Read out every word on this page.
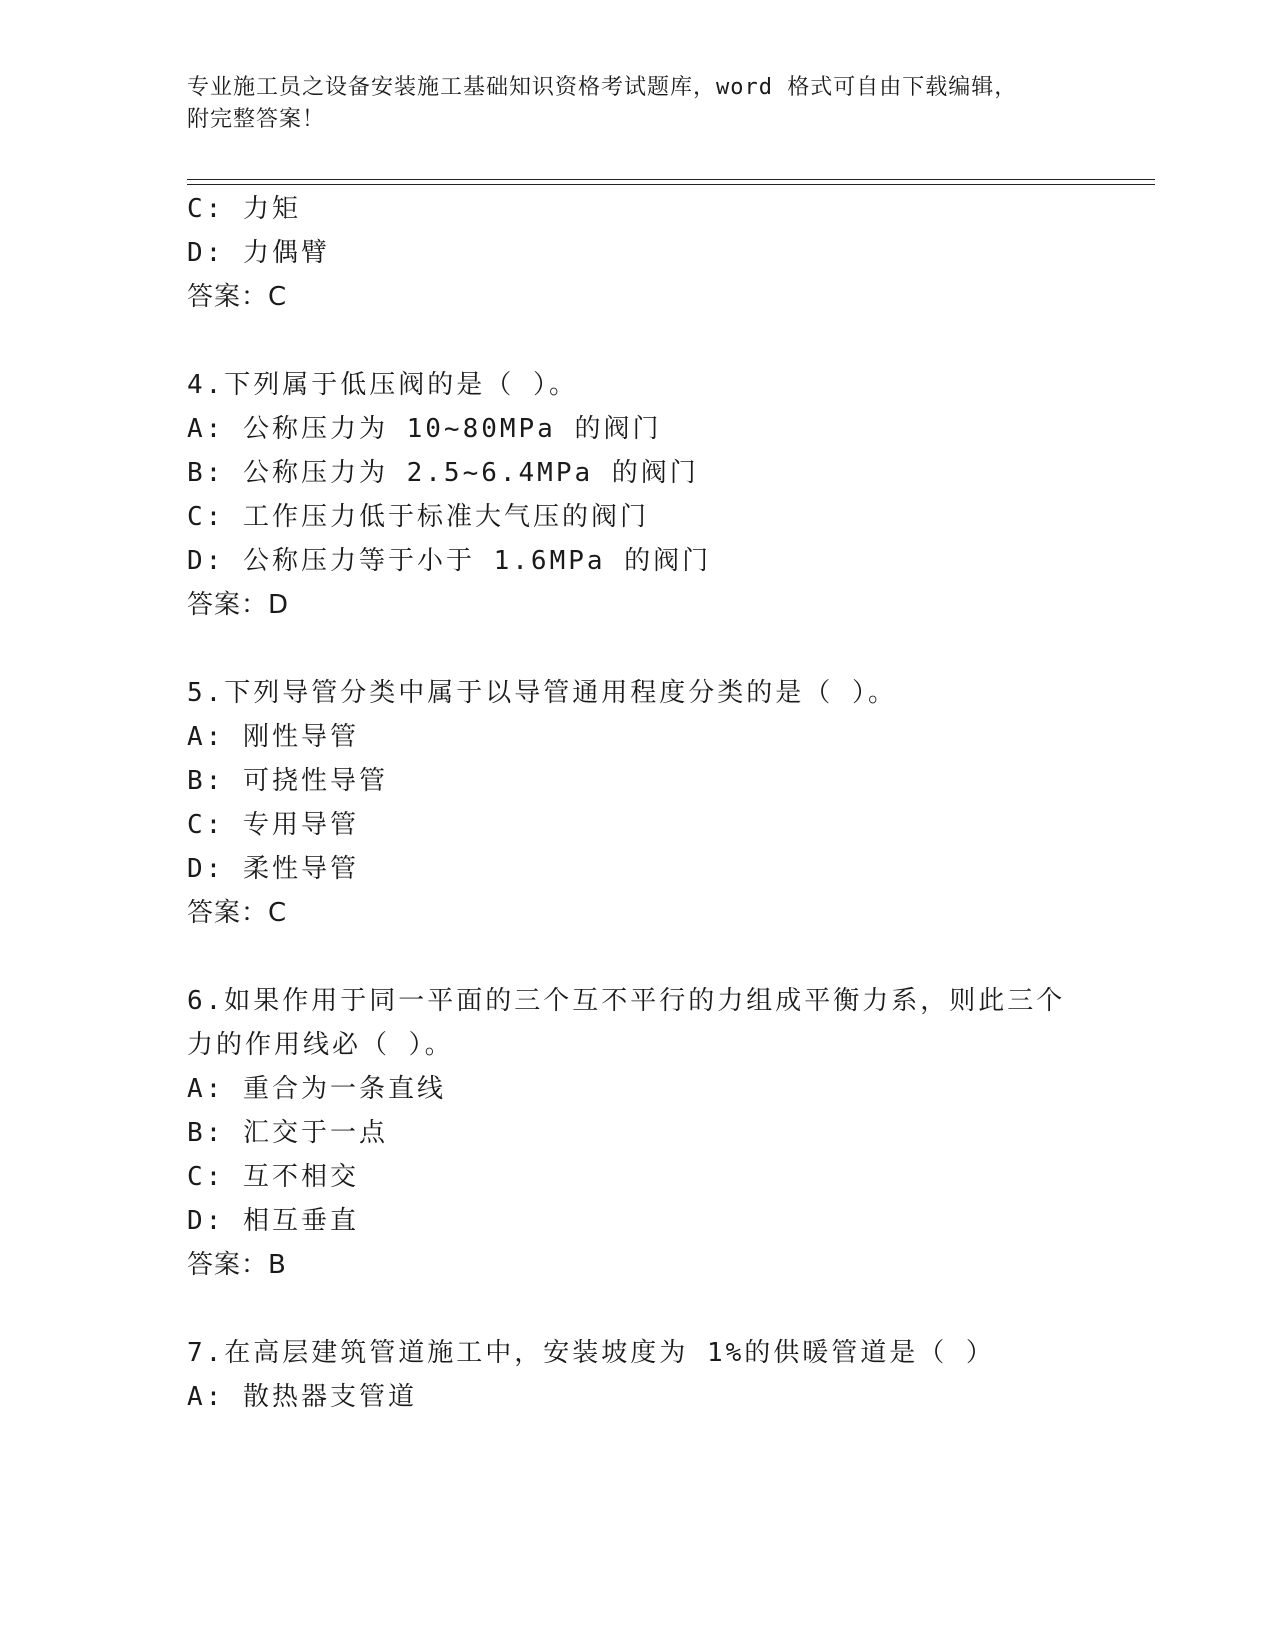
专业施工员之设备安装施工基础知识资格考试题库，word 格式可自由下载编辑，
附完整答案！
C: 力矩
D: 力偶臂
答案：C
4.下列属于低压阀的是（ ）。
A: 公称压力为 10~80MPa 的阀门
B: 公称压力为 2.5~6.4MPa 的阀门
C: 工作压力低于标准大气压的阀门
D: 公称压力等于小于 1.6MPa 的阀门
答案：D
5.下列导管分类中属于以导管通用程度分类的是（ ）。
A: 刚性导管
B: 可挠性导管
C: 专用导管
D: 柔性导管
答案：C
6.如果作用于同一平面的三个互不平行的力组成平衡力系，则此三个
力的作用线必（ ）。
A: 重合为一条直线
B: 汇交于一点
C: 互不相交
D: 相互垂直
答案：B
7.在高层建筑管道施工中，安装坡度为 1%的供暖管道是（ ）
A: 散热器支管道
